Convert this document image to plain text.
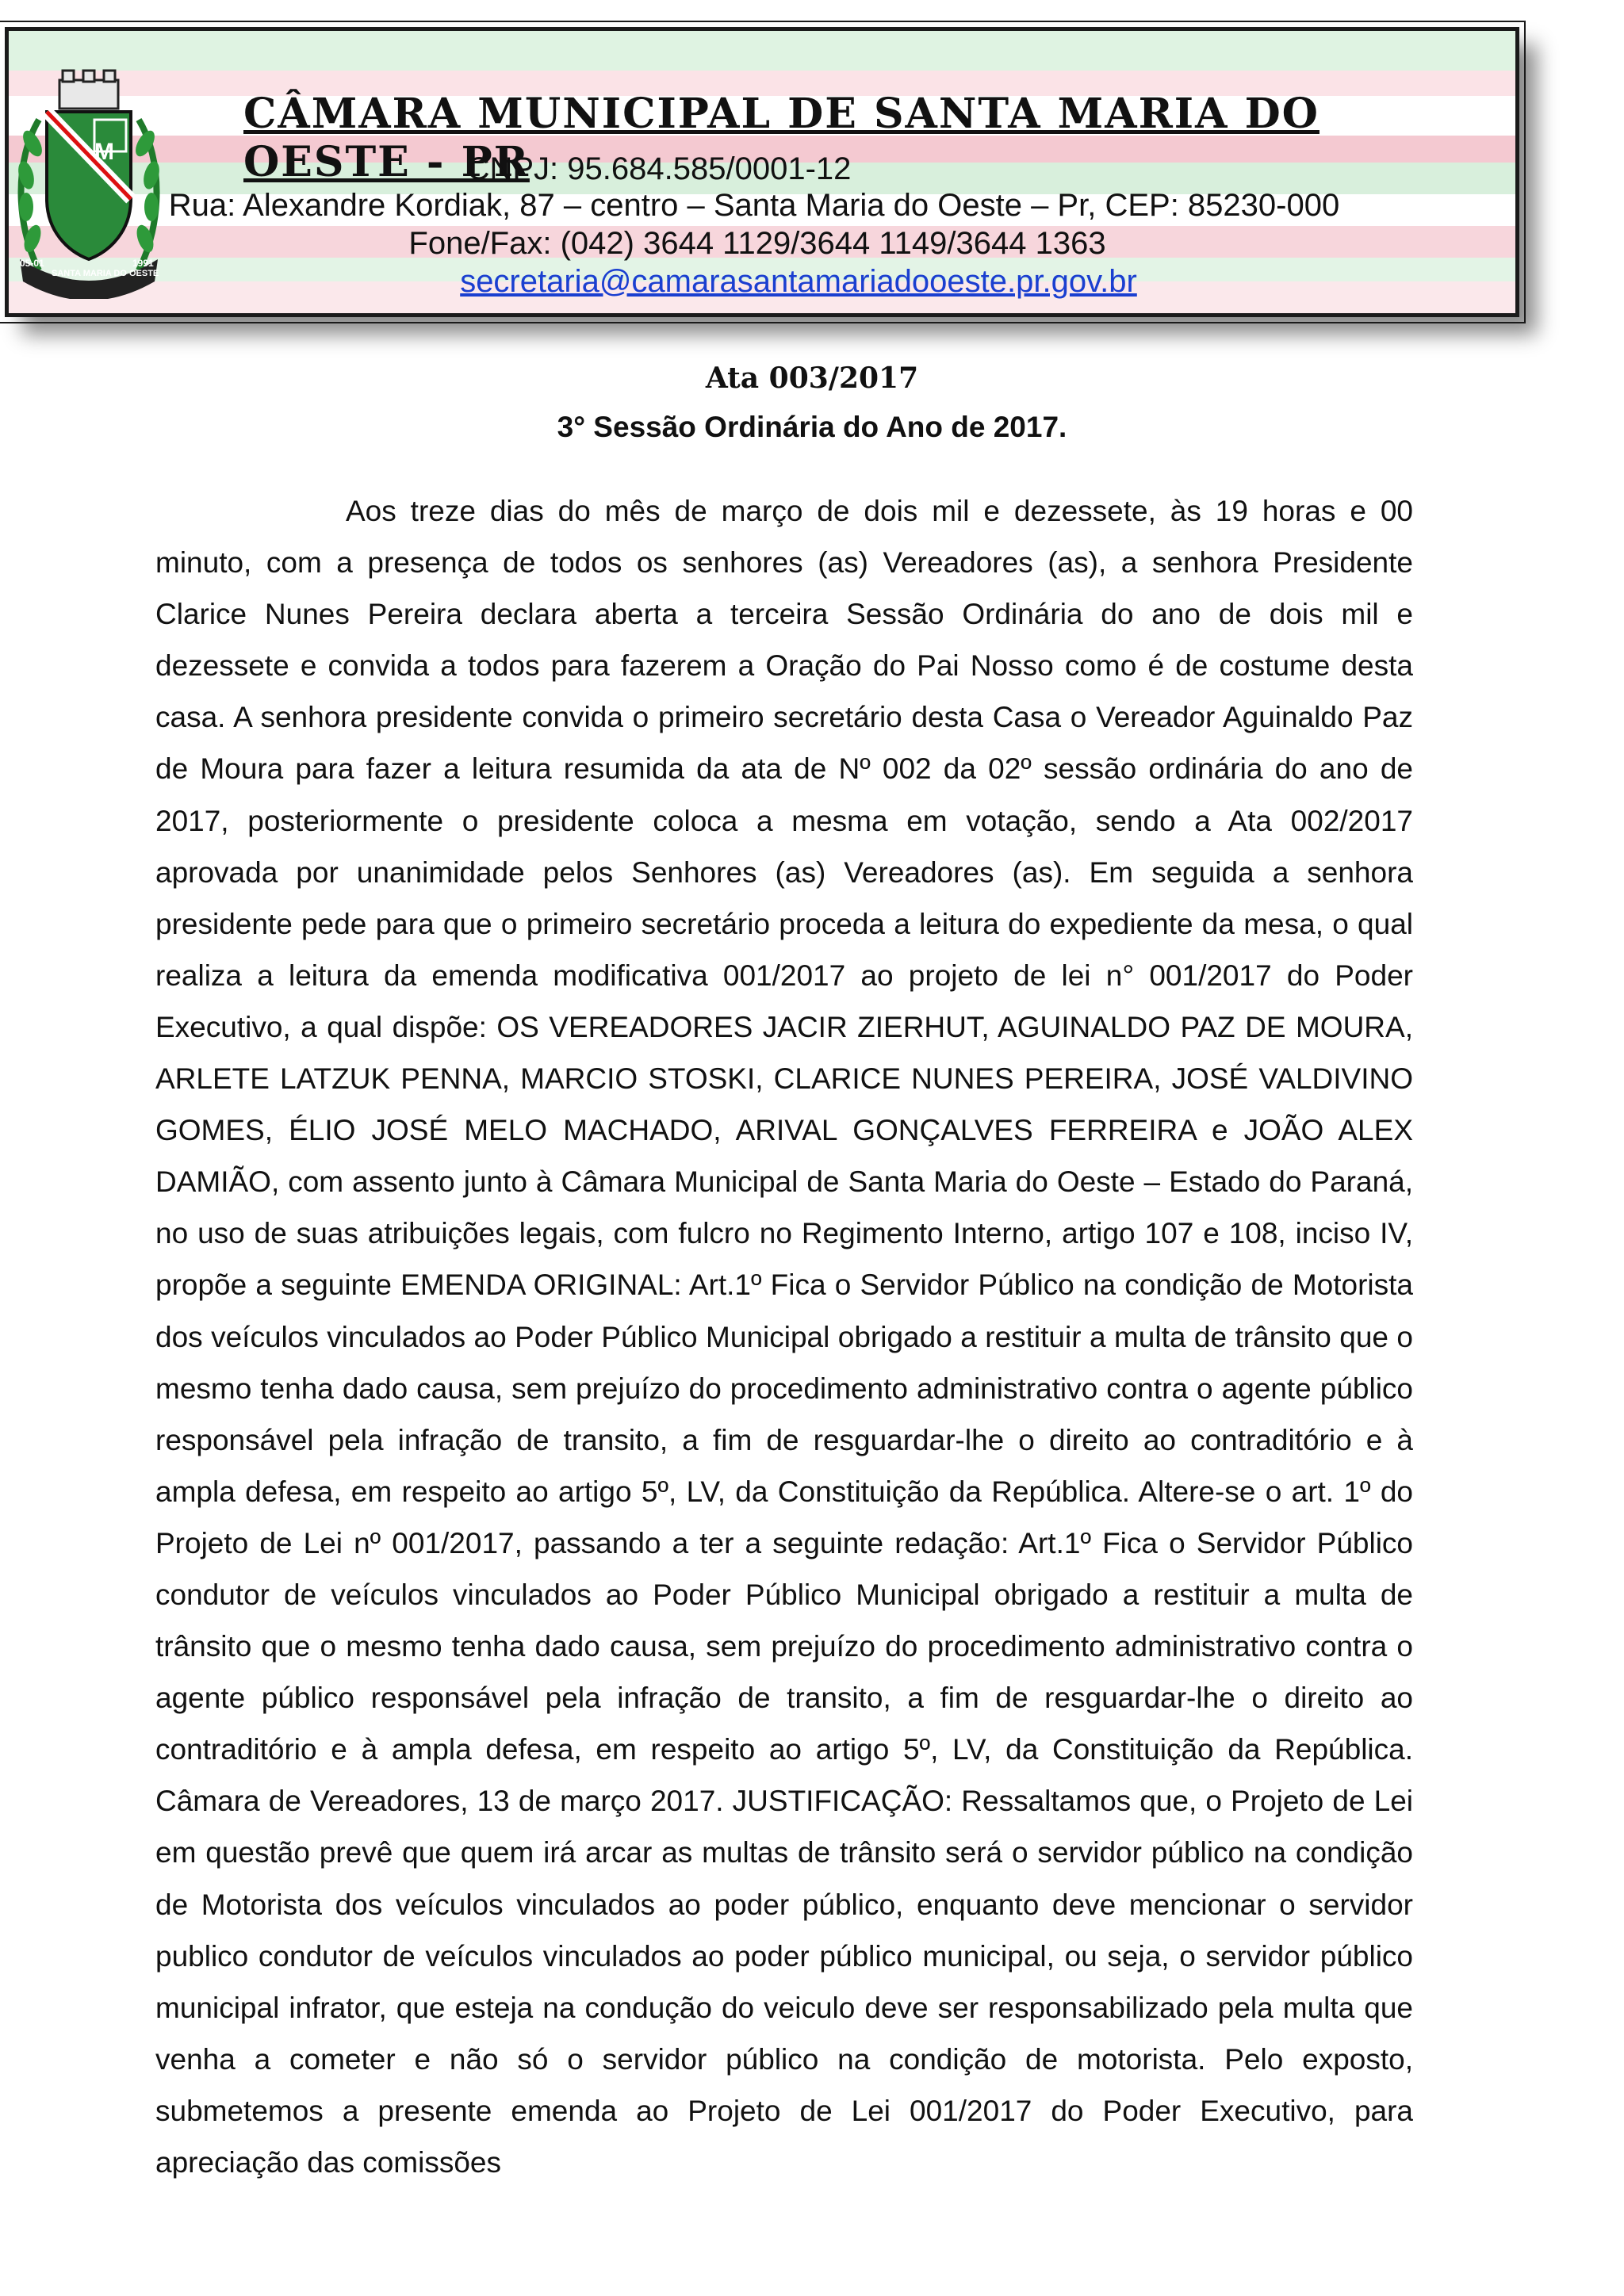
M
SANTA MARIA DO OESTE
05-01	1991
CÂMARA MUNICIPAL DE SANTA MARIA DO OESTE - PR
CNPJ: 95.684.585/0001-12
Rua: Alexandre Kordiak, 87 – centro – Santa Maria do Oeste – Pr, CEP: 85230-000
Fone/Fax: (042) 3644 1129/3644 1149/3644 1363
secretaria@camarasantamariadooeste.pr.gov.br
Ata 003/2017
3° Sessão Ordinária do Ano de 2017.

Aos treze dias do mês de março de dois mil e dezessete, às 19 horas e 00 minuto, com a presença de todos os senhores (as) Vereadores (as), a senhora Presidente Clarice Nunes Pereira declara aberta a terceira Sessão Ordinária do ano de dois mil e dezessete e convida a todos para fazerem a Oração do Pai Nosso como é de costume desta casa. A senhora presidente convida o primeiro secretário desta Casa o Vereador Aguinaldo Paz de Moura para fazer a leitura resumida da ata de Nº 002 da 02º sessão ordinária do ano de 2017, posteriormente o presidente coloca a mesma em votação, sendo a Ata 002/2017 aprovada por unanimidade pelos Senhores (as) Vereadores (as). Em seguida a senhora presidente pede para que o primeiro secretário proceda a leitura do expediente da mesa, o qual realiza a leitura da emenda modificativa 001/2017 ao projeto de lei n° 001/2017 do Poder Executivo, a qual dispõe: OS VEREADORES JACIR ZIERHUT, AGUINALDO PAZ DE MOURA, ARLETE LATZUK PENNA, MARCIO STOSKI, CLARICE NUNES PEREIRA, JOSÉ VALDIVINO GOMES, ÉLIO JOSÉ MELO MACHADO, ARIVAL GONÇALVES FERREIRA e JOÃO ALEX DAMIÃO, com assento junto à Câmara Municipal de Santa Maria do Oeste – Estado do Paraná, no uso de suas atribuições legais, com fulcro no Regimento Interno, artigo 107 e 108, inciso IV, propõe a seguinte EMENDA ORIGINAL: Art.1º Fica o Servidor Público na condição de Motorista dos veículos vinculados ao Poder Público Municipal obrigado a restituir a multa de trânsito que o mesmo tenha dado causa, sem prejuízo do procedimento administrativo contra o agente público responsável pela infração de transito, a fim de resguardar-lhe o direito ao contraditório e à ampla defesa, em respeito ao artigo 5º, LV, da Constituição da República. Altere-se o art. 1º do Projeto de Lei nº 001/2017, passando a ter a seguinte redação: Art.1º Fica o Servidor Público condutor de veículos vinculados ao Poder Público Municipal obrigado a restituir a multa de trânsito que o mesmo tenha dado causa, sem prejuízo do procedimento administrativo contra o agente público responsável pela infração de transito, a fim de resguardar-lhe o direito ao contraditório e à ampla defesa, em respeito ao artigo 5º, LV, da Constituição da República. Câmara de Vereadores, 13 de março 2017. JUSTIFICAÇÃO: Ressaltamos que, o Projeto de Lei em questão prevê que quem irá arcar as multas de trânsito será o servidor público na condição de Motorista dos veículos vinculados ao poder público, enquanto deve mencionar o servidor publico condutor de veículos vinculados ao poder público municipal, ou seja, o servidor público municipal infrator, que esteja na condução do veiculo deve ser responsabilizado pela multa que venha a cometer e não só o servidor público na condição de motorista. Pelo exposto, submetemos a presente emenda ao Projeto de Lei 001/2017 do Poder Executivo, para apreciação das comissões
